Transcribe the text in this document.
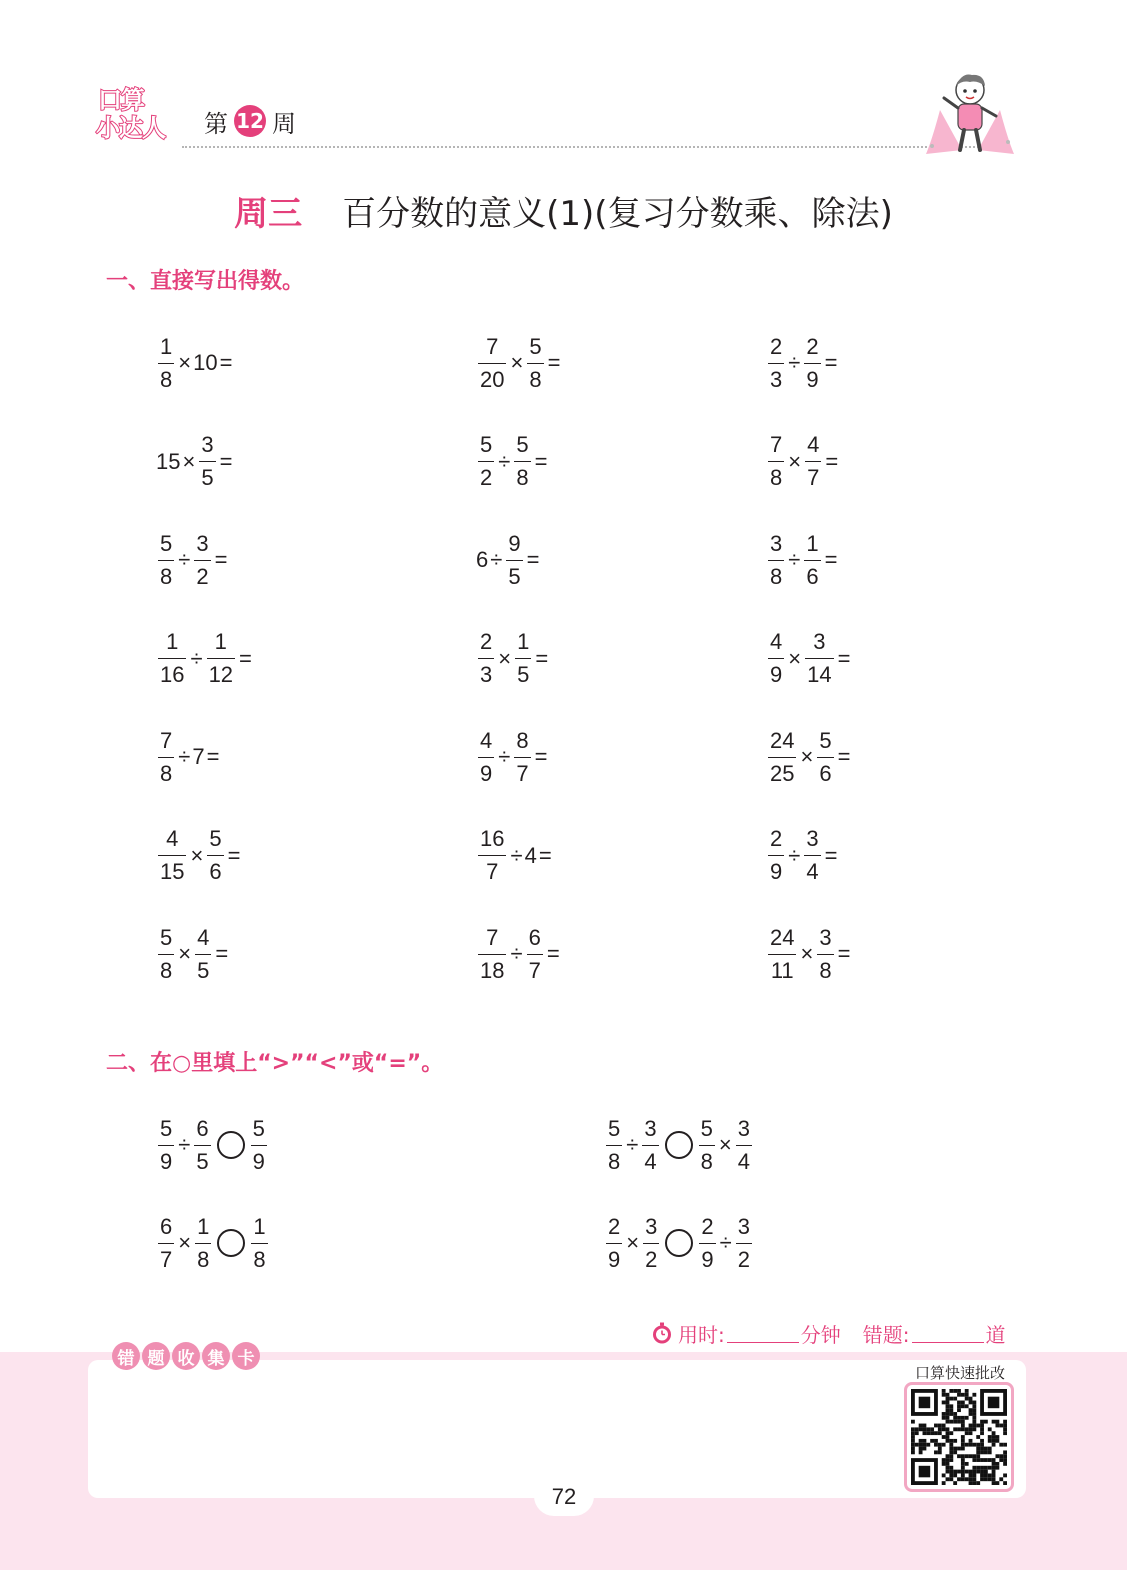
口算
小达人 第 12 周
周三 百分数的意义(1)(复习分数乘、除法)
一、直接写出得数。
$\frac{1}{8} \times 10$ =	$\frac{7}{20} \times \frac{5}{8}$ =	$\frac{2}{3} \div \frac{2}{9}$ =
$15 \times \frac{3}{5}$ =	$\frac{5}{2} \div \frac{5}{8}$ =	$\frac{7}{8} \times \frac{4}{7}$ =
$\frac{5}{8} \div \frac{3}{2}$ =	$6 \div \frac{9}{5}$ =	$\frac{3}{8} \div \frac{1}{6}$ =
$\frac{1}{16} \div \frac{1}{12}$ =	$\frac{2}{3} \times \frac{1}{5}$ =	$\frac{4}{9} \times \frac{3}{14}$ =
$\frac{7}{8} \div 7$ =	$\frac{4}{9} \div \frac{8}{7}$ =	$\frac{24}{25} \times \frac{5}{6}$ =
$\frac{4}{15} \times \frac{5}{6}$ =	$\frac{16}{7} \div 4$ =	$\frac{2}{9} \div \frac{3}{4}$ =
$\frac{5}{8} \times \frac{4}{5}$ =	$\frac{7}{18} \div \frac{6}{7}$ =	$\frac{24}{11} \times \frac{3}{8}$ =
二、在○里填上“>”“<”或“=”。
$\frac{5}{9} \div \frac{6}{5} \frac{5}{9}$	$\frac{5}{8} \div \frac{3}{4} \frac{5}{8} \times \frac{3}{4}$
$\frac{6}{7} \times \frac{1}{8} \frac{1}{8}$	$\frac{2}{9} \times \frac{3}{2} \frac{2}{9} \div \frac{3}{2}$
用时:	分钟 错题:	道
错 题 收 集 卡
口算快速批改
72
